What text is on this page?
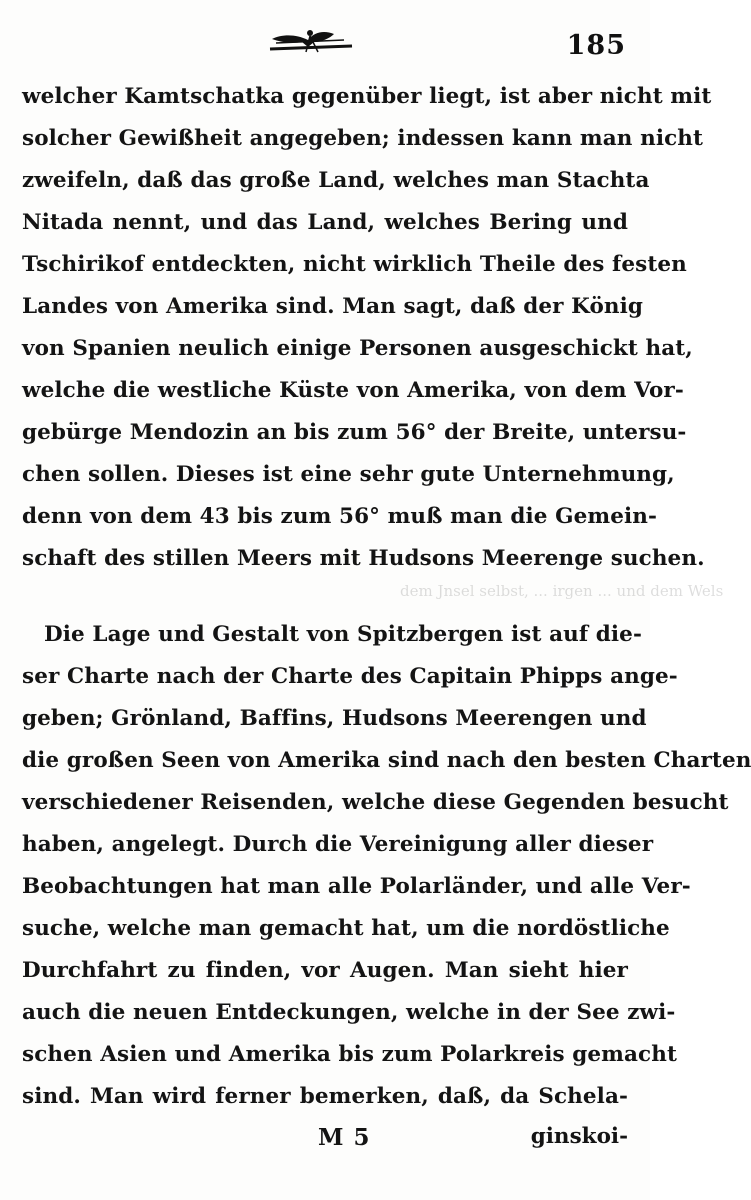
185
dem Jnsel selbst, ... irgen ... und dem Wels
welcher Kamtschatka gegenüber liegt, ist aber nicht mit
solcher Gewißheit angegeben; indessen kann man nicht
zweifeln, daß das große Land, welches man Stachta
Nitada nennt, und das Land, welches Bering und
Tschirikof entdeckten, nicht wirklich Theile des festen
Landes von Amerika sind. Man sagt, daß der König
von Spanien neulich einige Personen ausgeschickt hat,
welche die westliche Küste von Amerika, von dem Vor-
gebürge Mendozin an bis zum 56° der Breite, untersu-
chen sollen. Dieses ist eine sehr gute Unternehmung,
denn von dem 43 bis zum 56° muß man die Gemein-
schaft des stillen Meers mit Hudsons Meerenge suchen.
Die Lage und Gestalt von Spitzbergen ist auf die-
ser Charte nach der Charte des Capitain Phipps ange-
geben; Grönland, Baffins, Hudsons Meerengen und
die großen Seen von Amerika sind nach den besten Charten
verschiedener Reisenden, welche diese Gegenden besucht
haben, angelegt. Durch die Vereinigung aller dieser
Beobachtungen hat man alle Polarländer, und alle Ver-
suche, welche man gemacht hat, um die nordöstliche
Durchfahrt zu finden, vor Augen. Man sieht hier
auch die neuen Entdeckungen, welche in der See zwi-
schen Asien und Amerika bis zum Polarkreis gemacht
sind. Man wird ferner bemerken, daß, da Schela-
M 5	ginskoi-
